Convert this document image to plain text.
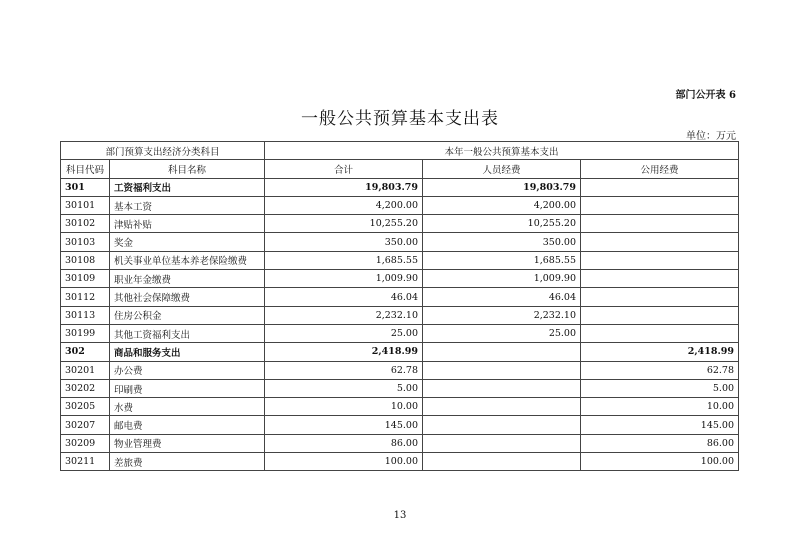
部门公开表 6
一般公共预算基本支出表
单位：万元
部门预算支出经济分类科目		本年一般公共预算基本支出		
科目代码	科目名称	合计	人员经费	公用经费
301	工资福利支出	19,803.79	19,803.79	
30101	基本工资	4,200.00	4,200.00	
30102	津贴补贴	10,255.20	10,255.20	
30103	奖金	350.00	350.00	
30108	机关事业单位基本养老保险缴费	1,685.55	1,685.55	
30109	职业年金缴费	1,009.90	1,009.90	
30112	其他社会保障缴费	46.04	46.04	
30113	住房公积金	2,232.10	2,232.10	
30199	其他工资福利支出	25.00	25.00	
302	商品和服务支出	2,418.99		2,418.99
30201	办公费	62.78		62.78
30202	印刷费	5.00		5.00
30205	水费	10.00		10.00
30207	邮电费	145.00		145.00
30209	物业管理费	86.00		86.00
30211	差旅费	100.00		100.00
13
